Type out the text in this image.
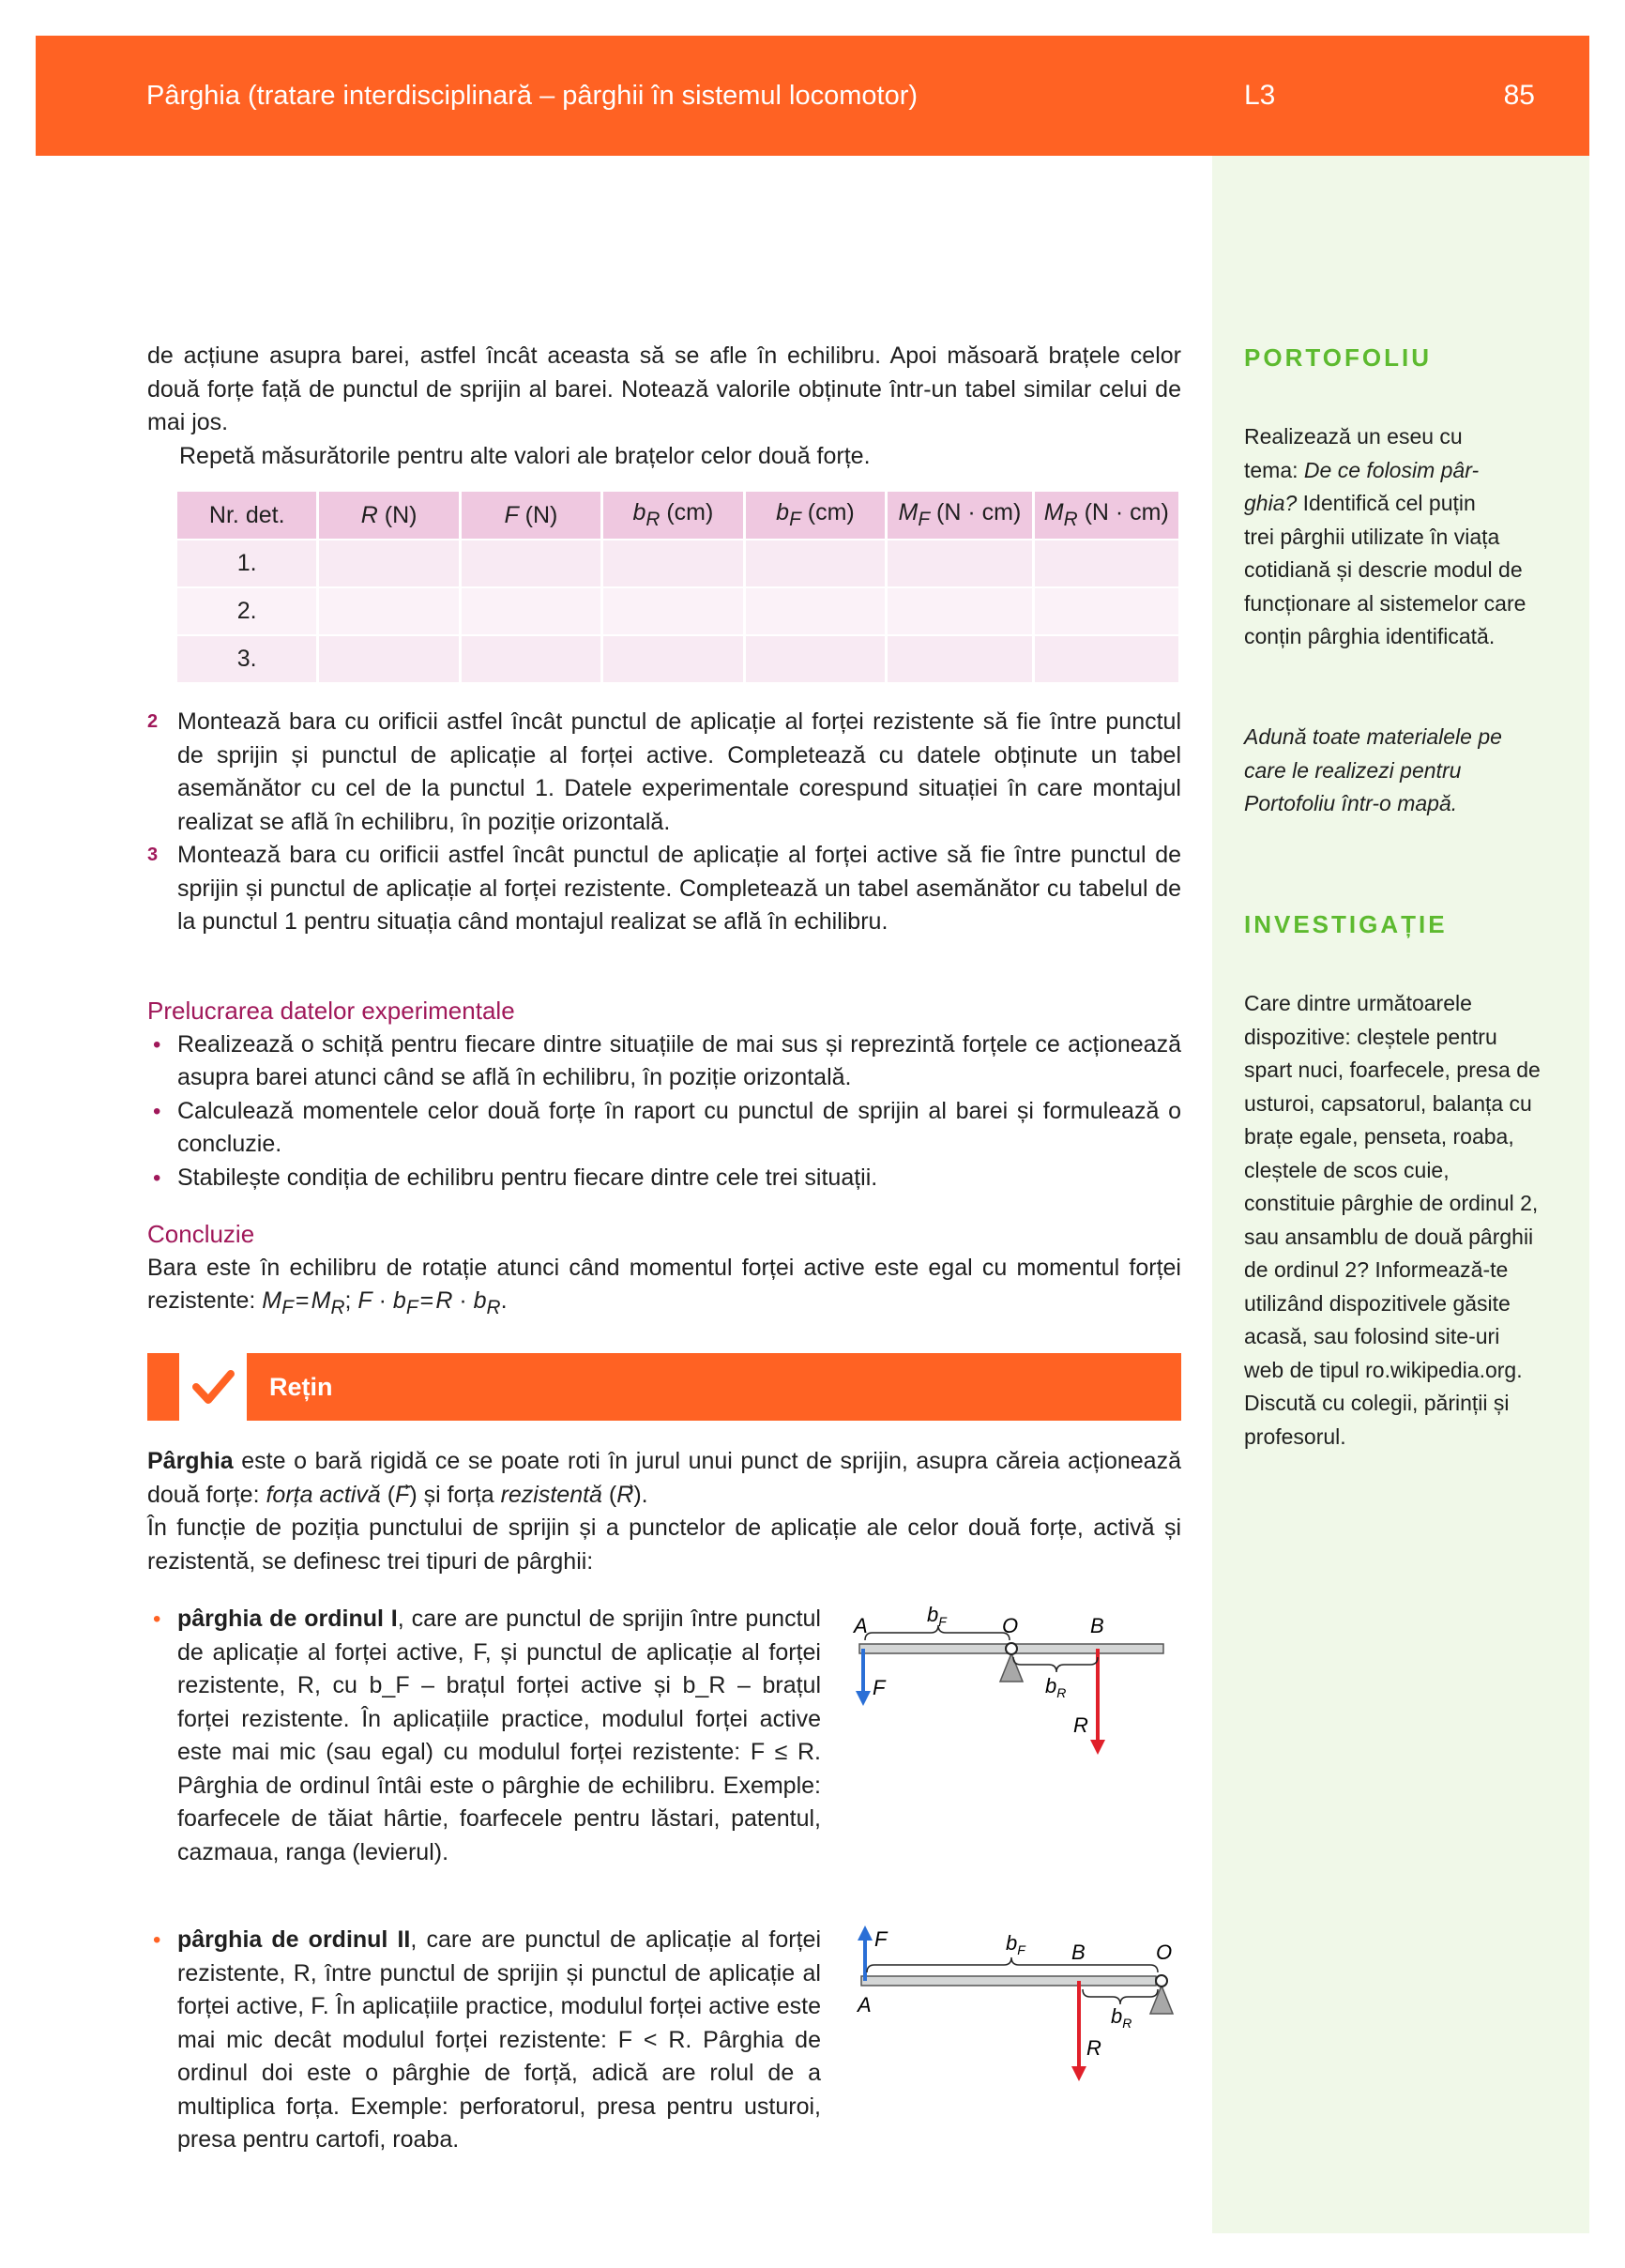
Pârghia (tratare interdisciplinară – pârghii în sistemul locomotor)	L3	85

de acțiune asupra barei, astfel încât aceasta să se afle în echilibru. Apoi măsoară brațele celor două forțe față de punctul de sprijin al barei. Notează valorile obținute într-un tabel similar celui de mai jos.

Repetă măsurătorile pentru alte valori ale brațelor celor două forțe.

Nr. det.	R (N)	F (N)	$b_R$ (cm)	$b_F$ (cm)	$M_F$ (N · cm)	$M_R$ (N · cm)
1.						
2.						
3.						
2 Montează bara cu orificii astfel încât punctul de aplicație al forței rezistente să fie între punctul de sprijin și punctul de aplicație al forței active. Completează cu datele obținute un tabel asemănător cu cel de la punctul 1. Datele experimentale corespund situației în care montajul realizat se află în echilibru, în poziție orizontală.
3 Montează bara cu orificii astfel încât punctul de aplicație al forței active să fie între punctul de sprijin și punctul de aplicație al forței rezistente. Completează un tabel asemănător cu tabelul de la punctul 1 pentru situația când montajul realizat se află în echilibru.

Prelucrarea datelor experimentale

• Realizează o schiță pentru fiecare dintre situațiile de mai sus și reprezintă forțele ce acționează asupra barei atunci când se află în echilibru, în poziție orizontală.
• Calculează momentele celor două forțe în raport cu punctul de sprijin al barei și formulează o concluzie.
• Stabilește condiția de echilibru pentru fiecare dintre cele trei situații.

Concluzie

Bara este în echilibru de rotație atunci când momentul forței active este egal cu momentul forței rezistente: $M_F$ = $M_R$; $F \cdot b_F$ = $R \cdot b_R$.

Rețin

Pârghia este o bară rigidă ce se poate roti în jurul unui punct de sprijin, asupra căreia acționează două forțe: forța activă (F⃗) și forța rezistentă (R⃗).

În funcție de poziția punctului de sprijin și a punctelor de aplicație ale celor două forțe, activă și rezistentă, se definesc trei tipuri de pârghii:

• pârghia de ordinul I, care are punctul de sprijin între punctul de aplicație al forței active, F, și punctul de aplicație al forței rezistente, R, cu b_F – brațul forței active și b_R – brațul forței rezistente. În aplicațiile practice, modulul forței active este mai mic (sau egal) cu modulul forței rezistente: F ≤ R. Pârghia de ordinul întâi este o pârghie de echilibru. Exemple: foarfecele de tăiat hârtie, foarfecele pentru lăstari, patentul, cazmaua, ranga (levierul).
• pârghia de ordinul II, care are punctul de aplicație al forței rezistente, R, între punctul de sprijin și punctul de aplicație al forței active, F. În aplicațiile practice, modulul forței active este mai mic decât modulul forței rezistente: F < R. Pârghia de ordinul doi este o pârghie de forță, adică are rolul de a multiplica forța. Exemple: perforatorul, presa pentru usturoi, presa pentru cartofi, roaba.
A	O	B
F
R
$b_F$
$b_R$
A
O
B
F
R
$b_F$
$b_R$
PORTOFOLIU
Realizează un eseu cu
tema: De ce folosim pâr-
ghia? Identifică cel puțin
trei pârghii utilizate în viața cotidiană și descrie modul de funcționare al sistemelor care conțin pârghia identificată.
Adună toate materialele pe care le realizezi pentru Portofoliu într-o mapă.
INVESTIGAȚIE
Care dintre următoarele dispozitive: cleștele pentru spart nuci, foarfecele, presa de usturoi, capsatorul, balanța cu brațe egale, penseta, roaba, cleștele de scos cuie, constituie pârghie de ordinul 2, sau ansamblu de două pârghii de ordinul 2? Informează-te utilizând dispozitivele găsite acasă, sau folosind site-uri web de tipul ro.wikipedia.org. Discută cu colegii, părinții și profesorul.
